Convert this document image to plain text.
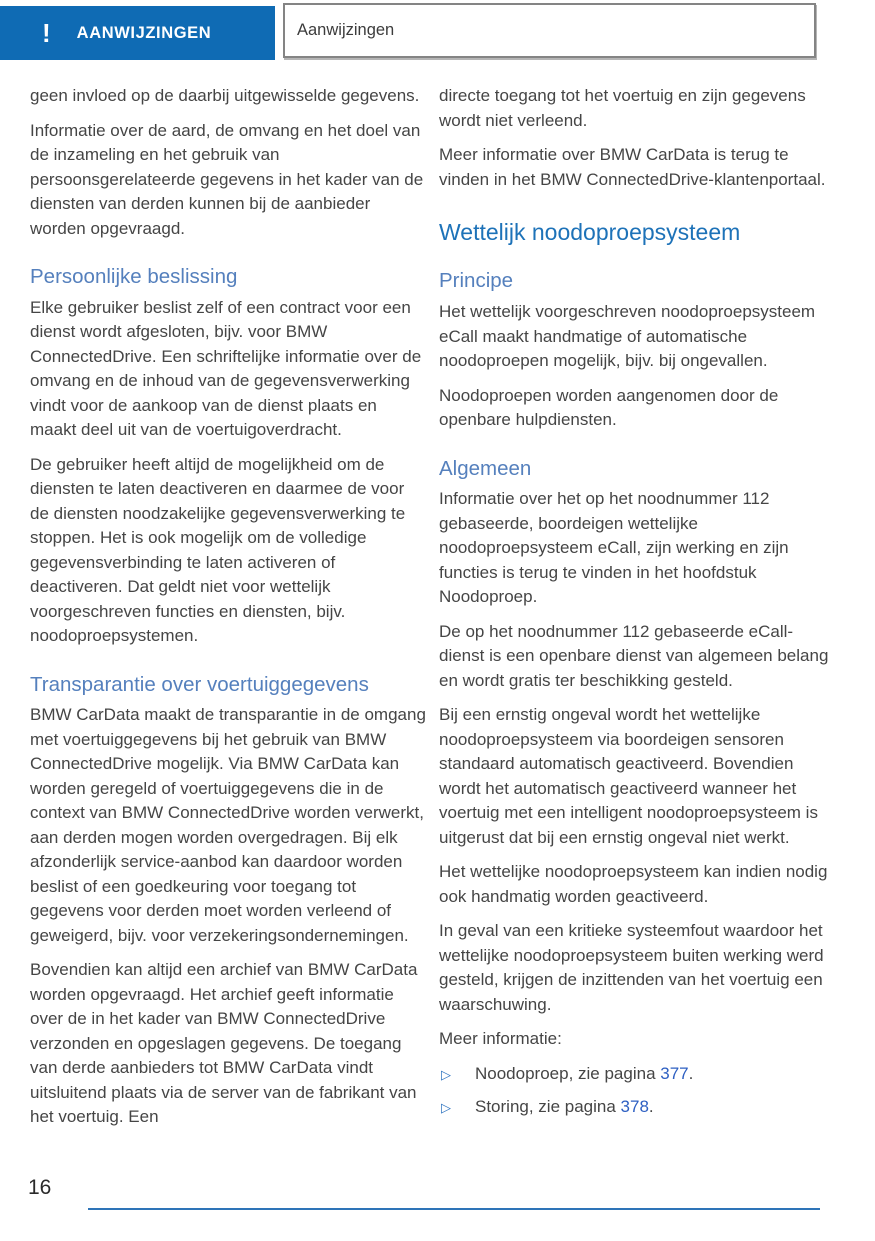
! AANWIJZINGEN	Aanwijzingen

geen invloed op de daarbij uitgewisselde gegevens.

Informatie over de aard, de omvang en het doel van de inzameling en het gebruik van persoonsgerelateerde gegevens in het kader van de diensten van derden kunnen bij de aanbieder worden opgevraagd.

Persoonlijke beslissing

Elke gebruiker beslist zelf of een contract voor een dienst wordt afgesloten, bijv. voor BMW ConnectedDrive. Een schriftelijke informatie over de omvang en de inhoud van de gegevensverwerking vindt voor de aankoop van de dienst plaats en maakt deel uit van de voertuigoverdracht.

De gebruiker heeft altijd de mogelijkheid om de diensten te laten deactiveren en daarmee de voor de diensten noodzakelijke gegevensverwerking te stoppen. Het is ook mogelijk om de volledige gegevensverbinding te laten activeren of deactiveren. Dat geldt niet voor wettelijk voorgeschreven functies en diensten, bijv. noodoproepsystemen.

Transparantie over voertuiggegevens

BMW CarData maakt de transparantie in de omgang met voertuiggegevens bij het gebruik van BMW ConnectedDrive mogelijk. Via BMW CarData kan worden geregeld of voertuiggegevens die in de context van BMW ConnectedDrive worden verwerkt, aan derden mogen worden overgedragen. Bij elk afzonderlijk service-aanbod kan daardoor worden beslist of een goedkeuring voor toegang tot gegevens voor derden moet worden verleend of geweigerd, bijv. voor verzekeringsondernemingen.

Bovendien kan altijd een archief van BMW CarData worden opgevraagd. Het archief geeft informatie over de in het kader van BMW ConnectedDrive verzonden en opgeslagen gegevens. De toegang van derde aanbieders tot BMW CarData vindt uitsluitend plaats via de server van de fabrikant van het voertuig. Een

directe toegang tot het voertuig en zijn gegevens wordt niet verleend.

Meer informatie over BMW CarData is terug te vinden in het BMW ConnectedDrive-klantenportaal.

Wettelijk noodoproepsysteem
Principe

Het wettelijk voorgeschreven noodoproepsysteem eCall maakt handmatige of automatische noodoproepen mogelijk, bijv. bij ongevallen.

Noodoproepen worden aangenomen door de openbare hulpdiensten.

Algemeen

Informatie over het op het noodnummer 112 gebaseerde, boordeigen wettelijke noodoproepsysteem eCall, zijn werking en zijn functies is terug te vinden in het hoofdstuk Noodoproep.

De op het noodnummer 112 gebaseerde eCall-dienst is een openbare dienst van algemeen belang en wordt gratis ter beschikking gesteld.

Bij een ernstig ongeval wordt het wettelijke noodoproepsysteem via boordeigen sensoren standaard automatisch geactiveerd. Bovendien wordt het automatisch geactiveerd wanneer het voertuig met een intelligent noodoproepsysteem is uitgerust dat bij een ernstig ongeval niet werkt.

Het wettelijke noodoproepsysteem kan indien nodig ook handmatig worden geactiveerd.

In geval van een kritieke systeemfout waardoor het wettelijke noodoproepsysteem buiten werking werd gesteld, krijgen de inzittenden van het voertuig een waarschuwing.

Meer informatie:

▷	Noodoproep, zie pagina 377.
▷	Storing, zie pagina 378.
16
